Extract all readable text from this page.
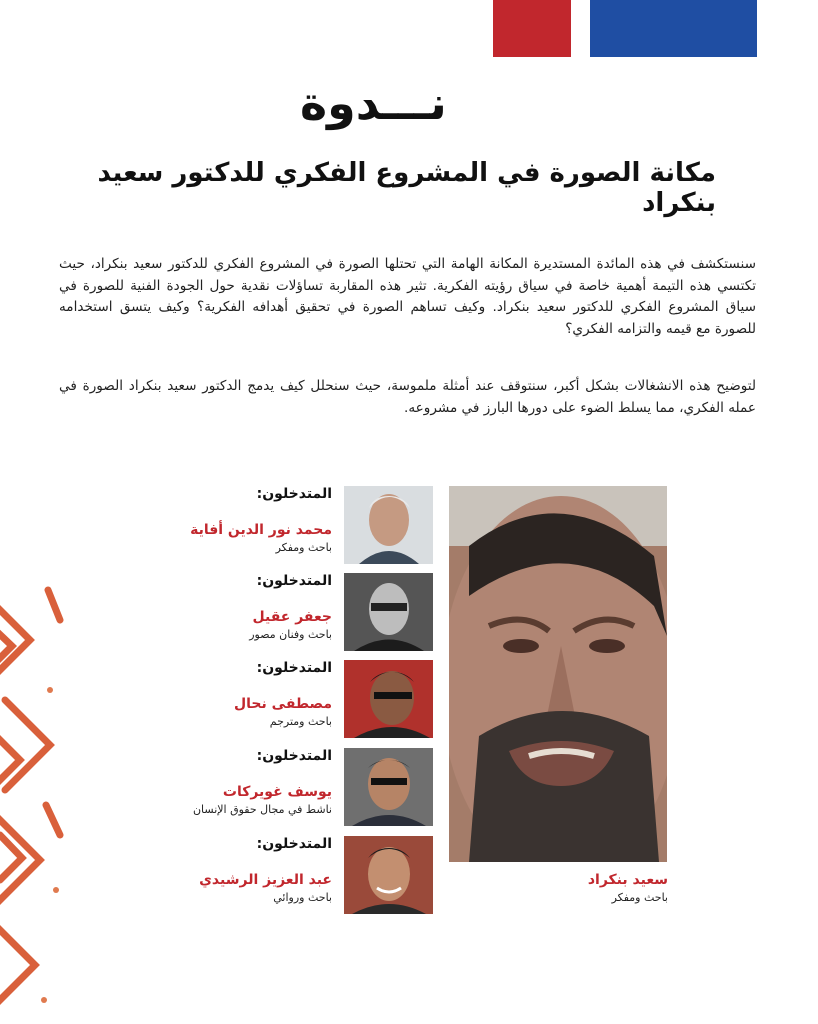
نـــدوة
مكانة الصورة في المشروع الفكري للدكتور سعيد بنكراد

سنستكشف في هذه المائدة المستديرة المكانة الهامة التي تحتلها الصورة في المشروع الفكري للدكتور سعيد بنكراد، حيث تكتسي هذه التيمة أهمية خاصة في سياق رؤيته الفكرية. تثير هذه المقاربة تساؤلات نقدية حول الجودة الفنية للصورة في سياق المشروع الفكري للدكتور سعيد بنكراد. وكيف تساهم الصورة في تحقيق أهدافه الفكرية؟ وكيف يتسق استخدامه للصورة مع قيمه والتزامه الفكري؟

لتوضيح هذه الانشغالات بشكل أكبر، سنتوقف عند أمثلة ملموسة، حيث سنحلل كيف يدمج الدكتور سعيد بنكراد الصورة في عمله الفكري، مما يسلط الضوء على دورها البارز في مشروعه.

سعيد بنكراد
باحث ومفكر
المتدخلون:
محمد نور الدين أفاية
باحث ومفكر
المتدخلون:
جعفر عقيل
باحث وفنان مصور
المتدخلون:
مصطفى نحال
باحث ومترجم
المتدخلون:
يوسف غويركات
ناشط في مجال حقوق الإنسان
المتدخلون:
عبد العزيز الرشيدي
باحث وروائي
